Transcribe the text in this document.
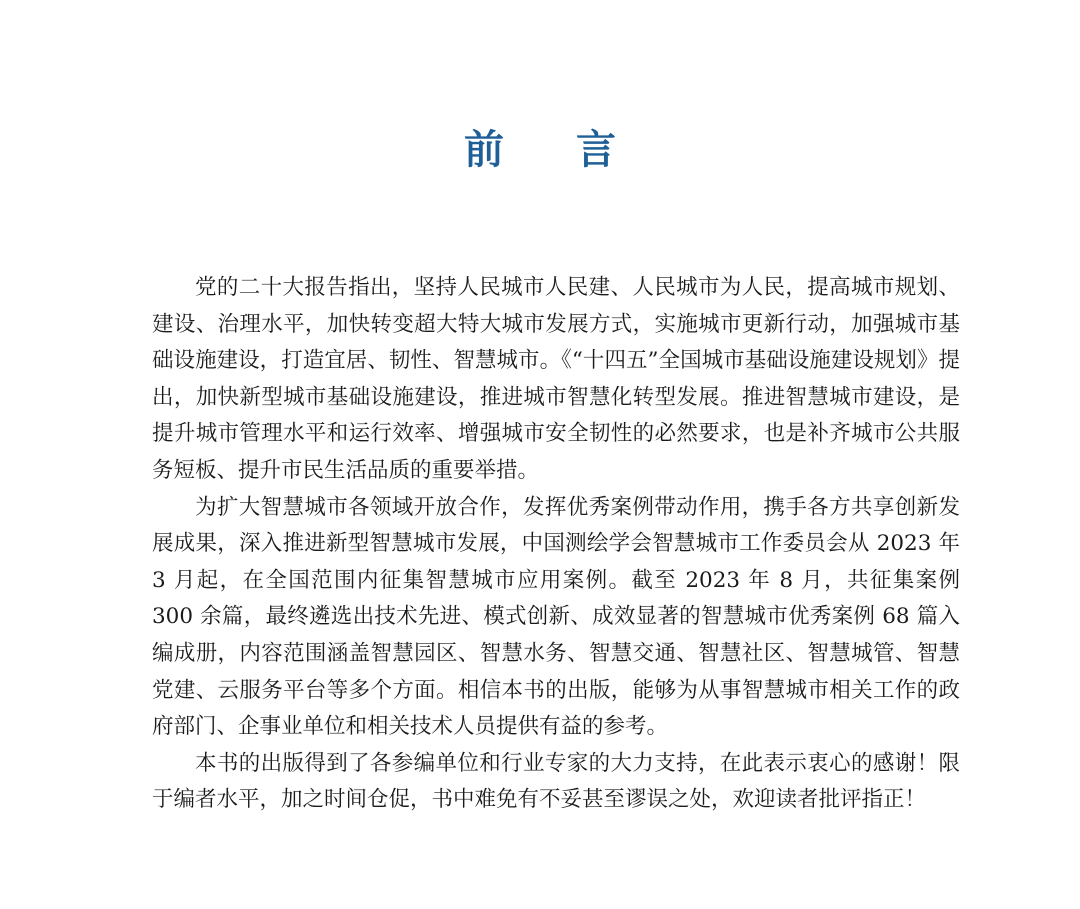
前 言

党的二十大报告指出，坚持人民城市人民建、人民城市为人民，提高城市规划、建设、治理水平，加快转变超大特大城市发展方式，实施城市更新行动，加强城市基础设施建设，打造宜居、韧性、智慧城市。《“十四五”全国城市基础设施建设规划》提出，加快新型城市基础设施建设，推进城市智慧化转型发展。推进智慧城市建设，是提升城市管理水平和运行效率、增强城市安全韧性的必然要求，也是补齐城市公共服务短板、提升市民生活品质的重要举措。

为扩大智慧城市各领域开放合作，发挥优秀案例带动作用，携手各方共享创新发展成果，深入推进新型智慧城市发展，中国测绘学会智慧城市工作委员会从 2023 年 3 月起，在全国范围内征集智慧城市应用案例。截至 2023 年 8 月，共征集案例 300 余篇，最终遴选出技术先进、模式创新、成效显著的智慧城市优秀案例 68 篇入编成册，内容范围涵盖智慧园区、智慧水务、智慧交通、智慧社区、智慧城管、智慧党建、云服务平台等多个方面。相信本书的出版，能够为从事智慧城市相关工作的政府部门、企事业单位和相关技术人员提供有益的参考。

本书的出版得到了各参编单位和行业专家的大力支持，在此表示衷心的感谢！限于编者水平，加之时间仓促，书中难免有不妥甚至谬误之处，欢迎读者批评指正！
